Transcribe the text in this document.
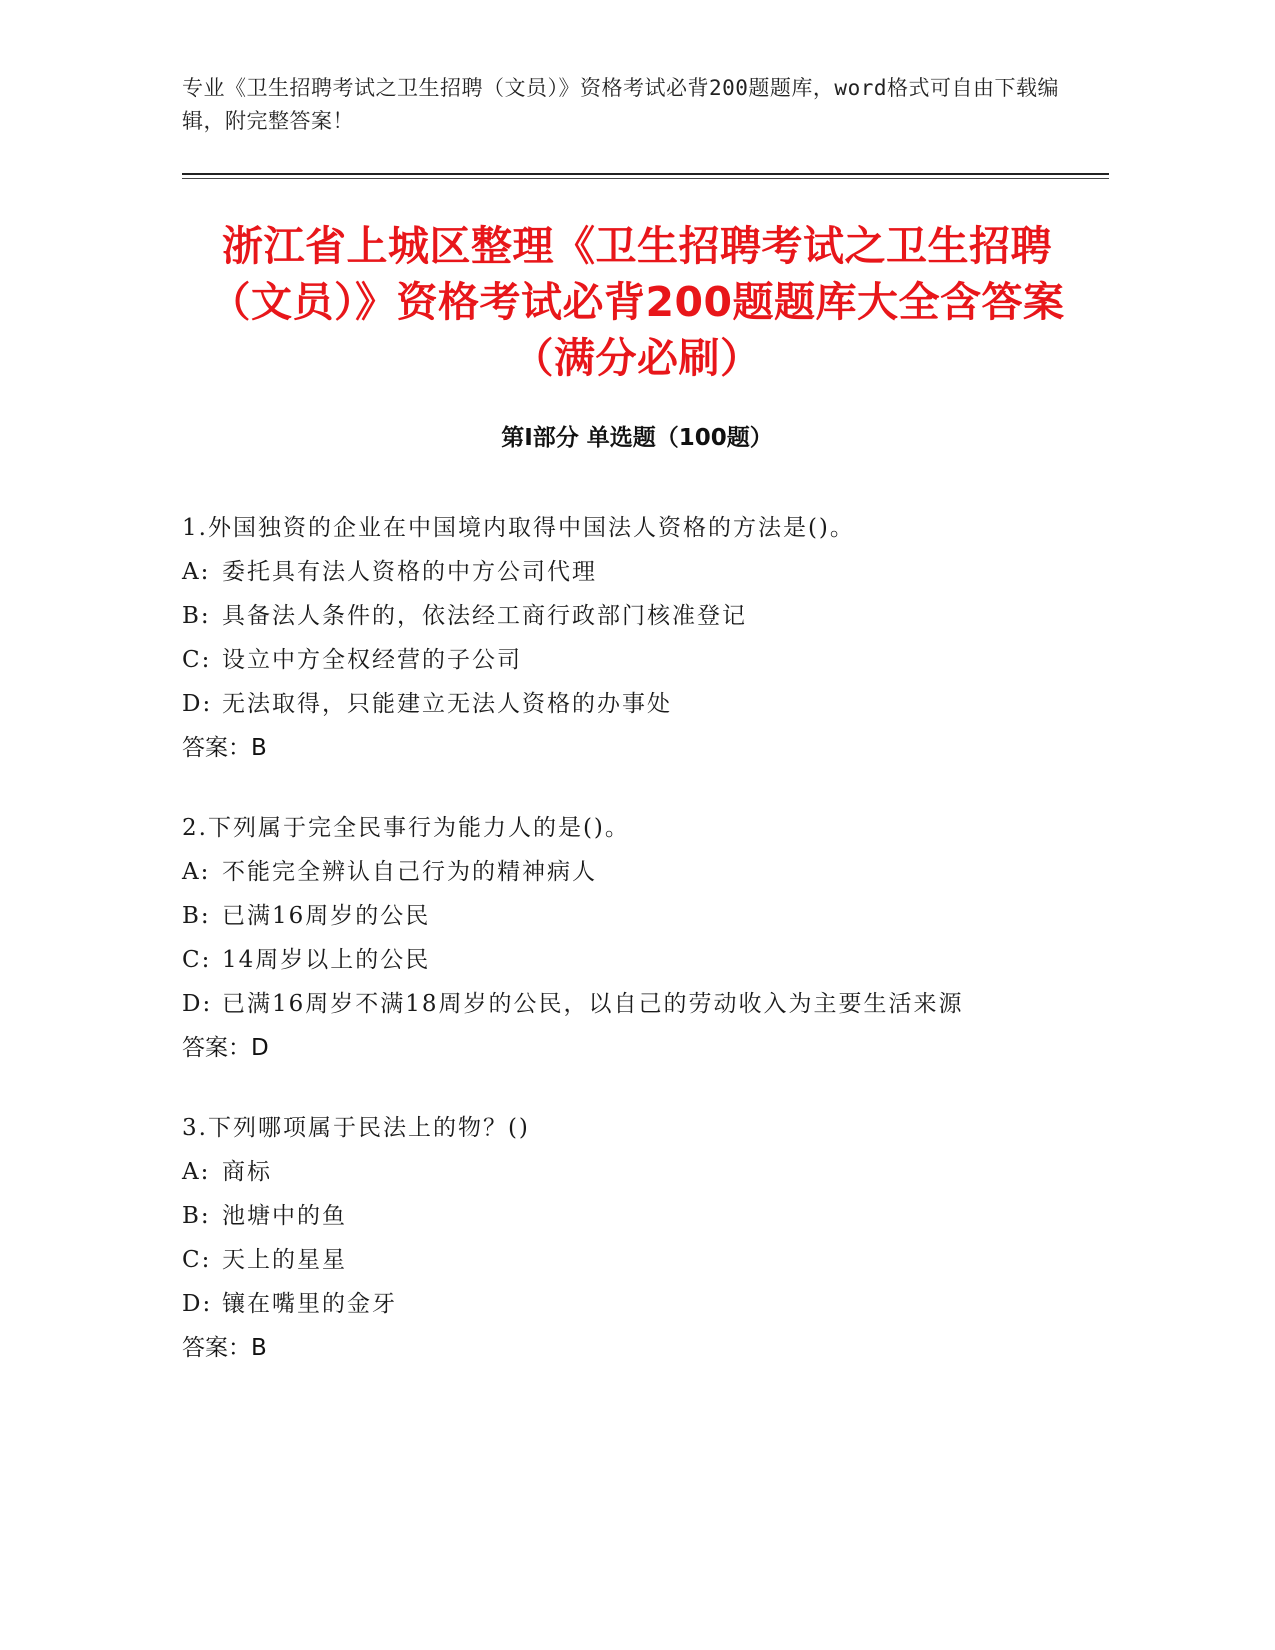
专业《卫生招聘考试之卫生招聘（文员）》资格考试必背200题题库，word格式可自由下载编辑，附完整答案！
浙江省上城区整理《卫生招聘考试之卫生招聘（文员）》资格考试必背200题题库大全含答案（满分必刷）
第Ⅰ部分 单选题（100题）
1.外国独资的企业在中国境内取得中国法人资格的方法是()。
A: 委托具有法人资格的中方公司代理
B: 具备法人条件的，依法经工商行政部门核准登记
C: 设立中方全权经营的子公司
D: 无法取得，只能建立无法人资格的办事处
答案：B
2.下列属于完全民事行为能力人的是()。
A: 不能完全辨认自己行为的精神病人
B: 已满16周岁的公民
C: 14周岁以上的公民
D: 已满16周岁不满18周岁的公民，以自己的劳动收入为主要生活来源
答案：D
3.下列哪项属于民法上的物？()
A: 商标
B: 池塘中的鱼
C: 天上的星星
D: 镶在嘴里的金牙
答案：B
